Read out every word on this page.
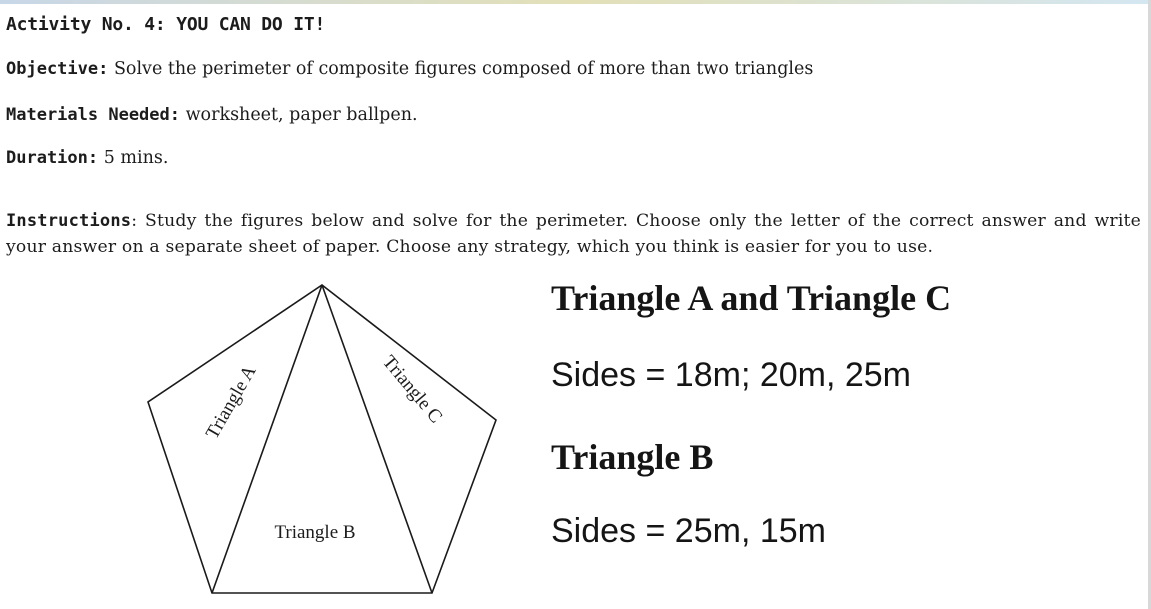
Activity No. 4: YOU CAN DO IT!

Objective: Solve the perimeter of composite figures composed of more than two triangles

Materials Needed: worksheet, paper ballpen.

Duration: 5 mins.

Instructions: Study the figures below and solve for the perimeter. Choose only the letter of the correct answer and write your answer on a separate sheet of paper. Choose any strategy, which you think is easier for you to use.

Triangle A	Triangle C
Triangle B
Triangle A and Triangle C
Sides = 18m; 20m, 25m
Triangle B
Sides = 25m, 15m
